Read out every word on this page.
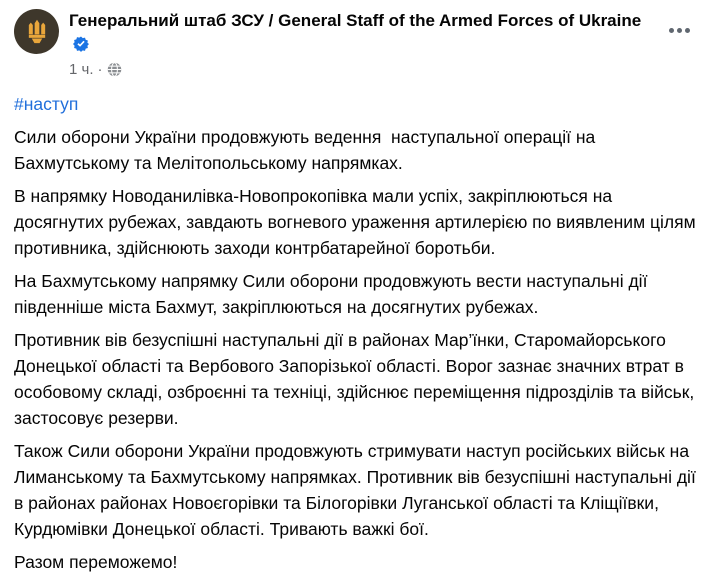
Генеральний штаб ЗСУ / General Staff of the Armed Forces of Ukraine
1 ч. ·

#наступ

Сили оборони України продовжують ведення  наступальної операції на Бахмутському та Мелітопольському напрямках.

В напрямку Новоданилівка-Новопрокопівка мали успіх, закріплюються на досягнутих рубежах, завдають вогневого ураження артилерією по виявленим цілям противника, здійснюють заходи контрбатарейної боротьби.

На Бахмутському напрямку Сили оборони продовжують вести наступальні дії південніше міста Бахмут, закріплюються на досягнутих рубежах.

Противник вів безуспішні наступальні дії в районах Мар’їнки, Старомайорського Донецької області та Вербового Запорізької області. Ворог зазнає значних втрат в особовому складі, озброєнні та техніці, здійснює переміщення підрозділів та військ, застосовує резерви.

Також Сили оборони України продовжують стримувати наступ російських військ на Лиманському та Бахмутському напрямках. Противник вів безуспішні наступальні дії в районах районах Новоєгорівки та Білогорівки Луганської області та Кліщіївки, Курдюмівки Донецької області. Тривають важкі бої.

Разом переможемо!
